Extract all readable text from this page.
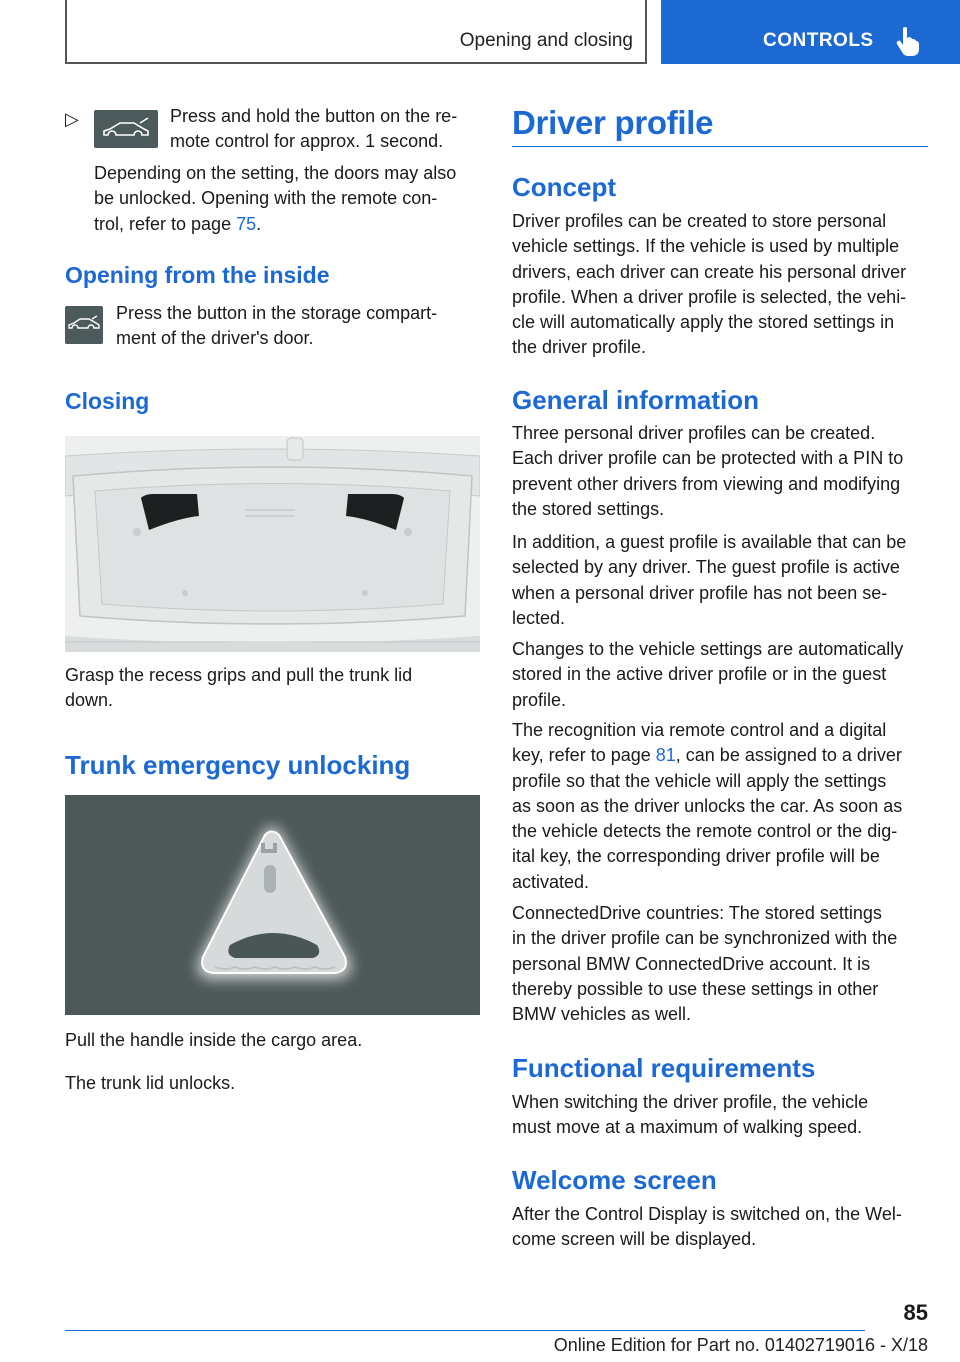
Opening and closing	CONTROLS
▷	Press and hold the button on the re-
mote control for approx. 1 second.

Depending on the setting, the doors may also
be unlocked. Opening with the remote con-
trol, refer to page 75.

Opening from the inside

Press the button in the storage compart-
ment of the driver's door.

Closing

Grasp the recess grips and pull the trunk lid
down.

Trunk emergency unlocking

Pull the handle inside the cargo area.

The trunk lid unlocks.

Driver profile
Concept

Driver profiles can be created to store personal
vehicle settings. If the vehicle is used by multiple
drivers, each driver can create his personal driver
profile. When a driver profile is selected, the vehi-
cle will automatically apply the stored settings in
the driver profile.

General information

Three personal driver profiles can be created.
Each driver profile can be protected with a PIN to
prevent other drivers from viewing and modifying
the stored settings.

In addition, a guest profile is available that can be
selected by any driver. The guest profile is active
when a personal driver profile has not been se-
lected.

Changes to the vehicle settings are automatically
stored in the active driver profile or in the guest
profile.

The recognition via remote control and a digital
key, refer to page 81, can be assigned to a driver
profile so that the vehicle will apply the settings
as soon as the driver unlocks the car. As soon as
the vehicle detects the remote control or the dig-
ital key, the corresponding driver profile will be
activated.

ConnectedDrive countries: The stored settings
in the driver profile can be synchronized with the
personal BMW ConnectedDrive account. It is
thereby possible to use these settings in other
BMW vehicles as well.

Functional requirements

When switching the driver profile, the vehicle
must move at a maximum of walking speed.

Welcome screen

After the Control Display is switched on, the Wel-
come screen will be displayed.

85
Online Edition for Part no. 01402719016 - X/18
